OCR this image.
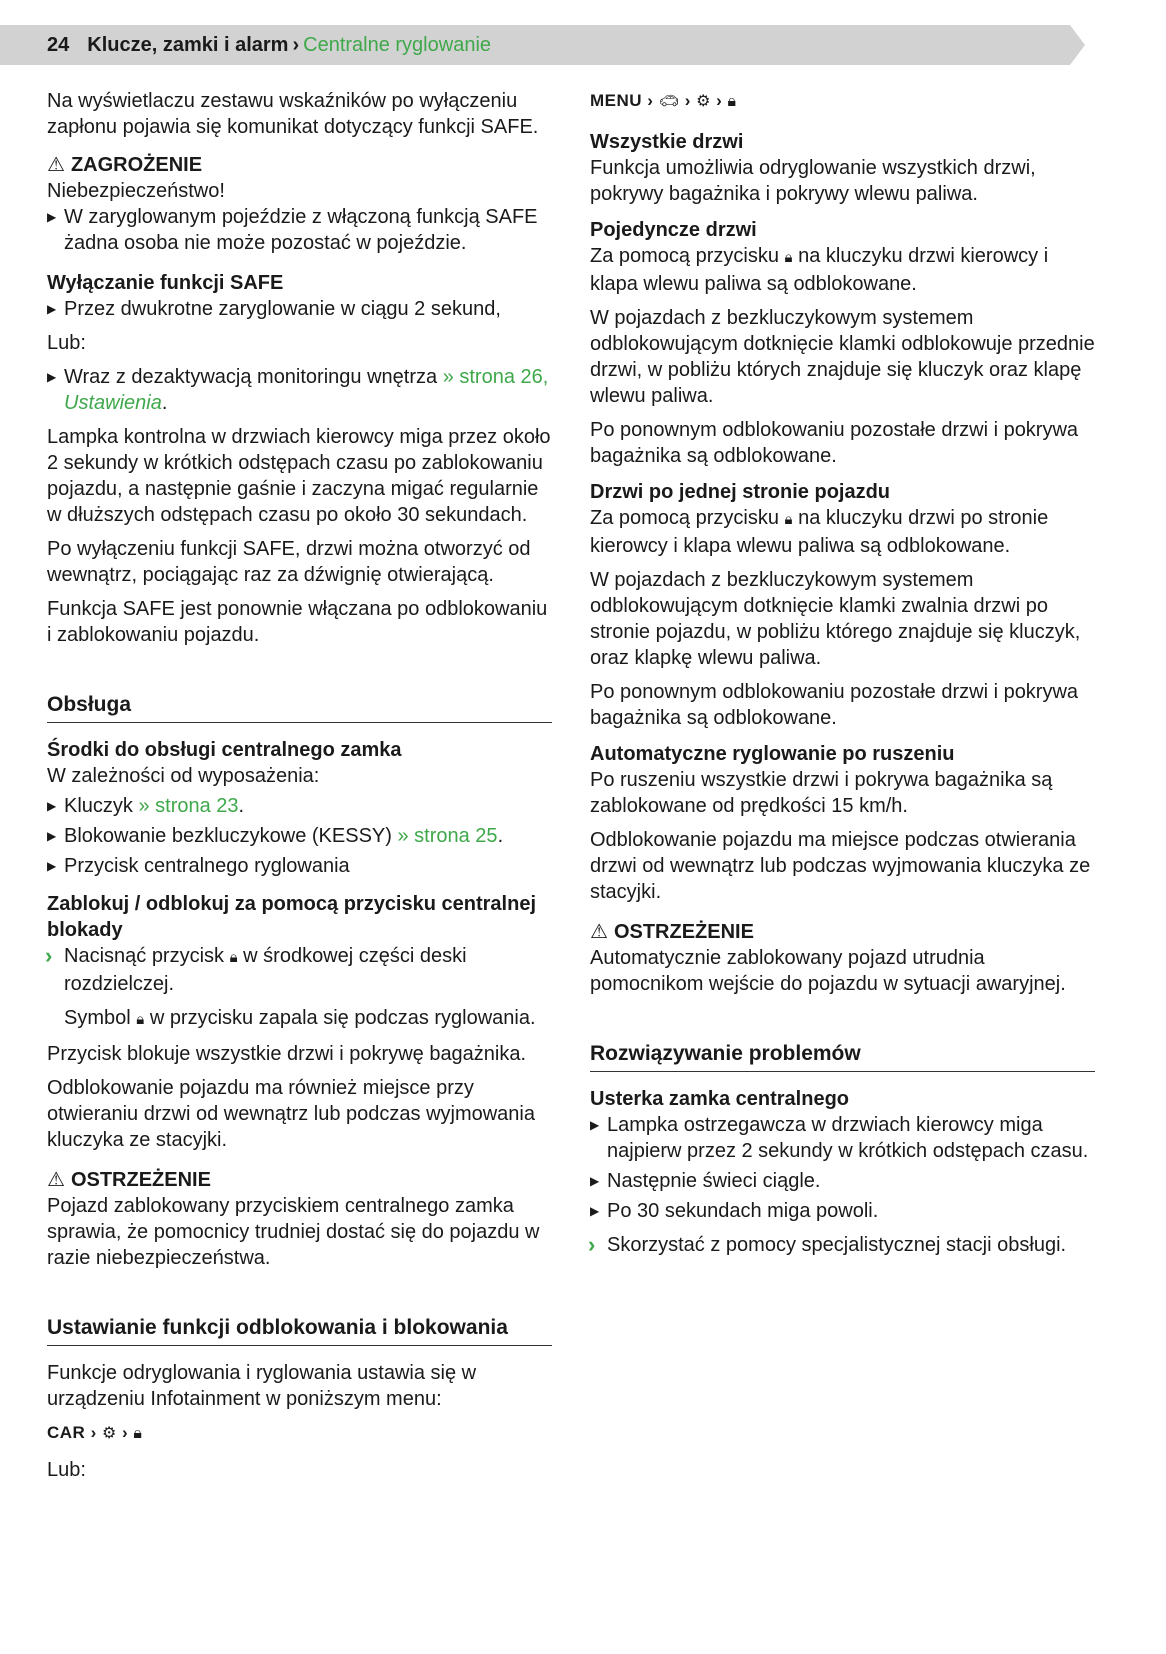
24 Klucze, zamki i alarm › Centralne ryglowanie

Na wyświetlaczu zestawu wskaźników po wyłączeniu zapłonu pojawia się komunikat dotyczący funkcji SAFE.

⚠ ZAGROŻENIE
Niebezpieczeństwo!
▶ W zaryglowanym pojeździe z włączoną funkcją SAFE żadna osoba nie może pozostać w pojeździe.
Wyłączanie funkcji SAFE
▶ Przez dwukrotne zaryglowanie w ciągu 2 sekund,

Lub:

▶ Wraz z dezaktywacją monitoringu wnętrza » strona 26, Ustawienia.

Lampka kontrolna w drzwiach kierowcy miga przez około 2 sekundy w krótkich odstępach czasu po zablokowaniu pojazdu, a następnie gaśnie i zaczyna migać regularnie w dłuższych odstępach czasu po około 30 sekundach.

Po wyłączeniu funkcji SAFE, drzwi można otworzyć od wewnątrz, pociągając raz za dźwignię otwierającą.

Funkcja SAFE jest ponownie włączana po odblokowaniu i zablokowaniu pojazdu.

Obsługa
Środki do obsługi centralnego zamka
W zależności od wyposażenia:
▶ Kluczyk » strona 23.
▶ Blokowanie bezkluczykowe (KESSY) » strona 25.
▶ Przycisk centralnego ryglowania
Zablokuj / odblokuj za pomocą przycisku centralnej blokady
› Nacisnąć przycisk 🔒︎ w środkowej części deski rozdzielczej.

Symbol 🔒︎ w przycisku zapala się podczas ryglowania.

Przycisk blokuje wszystkie drzwi i pokrywę bagażnika.

Odblokowanie pojazdu ma również miejsce przy otwieraniu drzwi od wewnątrz lub podczas wyjmowania kluczyka ze stacyjki.

⚠ OSTRZEŻENIE
Pojazd zablokowany przyciskiem centralnego zamka sprawia, że pomocnicy trudniej dostać się do pojazdu w razie niebezpieczeństwa.
Ustawianie funkcji odblokowania i blokowania

Funkcje odryglowania i ryglowania ustawia się w urządzeniu Infotainment w poniższym menu:

CAR › ⚙ › 🔒︎

Lub:

MENU › 🚗︎ › ⚙ › 🔒︎
Wszystkie drzwi

Funkcja umożliwia odryglowanie wszystkich drzwi, pokrywy bagażnika i pokrywy wlewu paliwa.

Pojedyncze drzwi

Za pomocą przycisku 🔒︎ na kluczyku drzwi kierowcy i klapa wlewu paliwa są odblokowane.

W pojazdach z bezkluczykowym systemem odblokowującym dotknięcie klamki odblokowuje przednie drzwi, w pobliżu których znajduje się kluczyk oraz klapę wlewu paliwa.

Po ponownym odblokowaniu pozostałe drzwi i pokrywa bagażnika są odblokowane.

Drzwi po jednej stronie pojazdu

Za pomocą przycisku 🔒︎ na kluczyku drzwi po stronie kierowcy i klapa wlewu paliwa są odblokowane.

W pojazdach z bezkluczykowym systemem odblokowującym dotknięcie klamki zwalnia drzwi po stronie pojazdu, w pobliżu którego znajduje się kluczyk, oraz klapkę wlewu paliwa.

Po ponownym odblokowaniu pozostałe drzwi i pokrywa bagażnika są odblokowane.

Automatyczne ryglowanie po ruszeniu

Po ruszeniu wszystkie drzwi i pokrywa bagażnika są zablokowane od prędkości 15 km/h.

Odblokowanie pojazdu ma miejsce podczas otwierania drzwi od wewnątrz lub podczas wyjmowania kluczyka ze stacyjki.

⚠ OSTRZEŻENIE
Automatycznie zablokowany pojazd utrudnia pomocnikom wejście do pojazdu w sytuacji awaryjnej.
Rozwiązywanie problemów
Usterka zamka centralnego
▶ Lampka ostrzegawcza w drzwiach kierowcy miga najpierw przez 2 sekundy w krótkich odstępach czasu.
▶ Następnie świeci ciągle.
▶ Po 30 sekundach miga powoli.
› Skorzystać z pomocy specjalistycznej stacji obsługi.
